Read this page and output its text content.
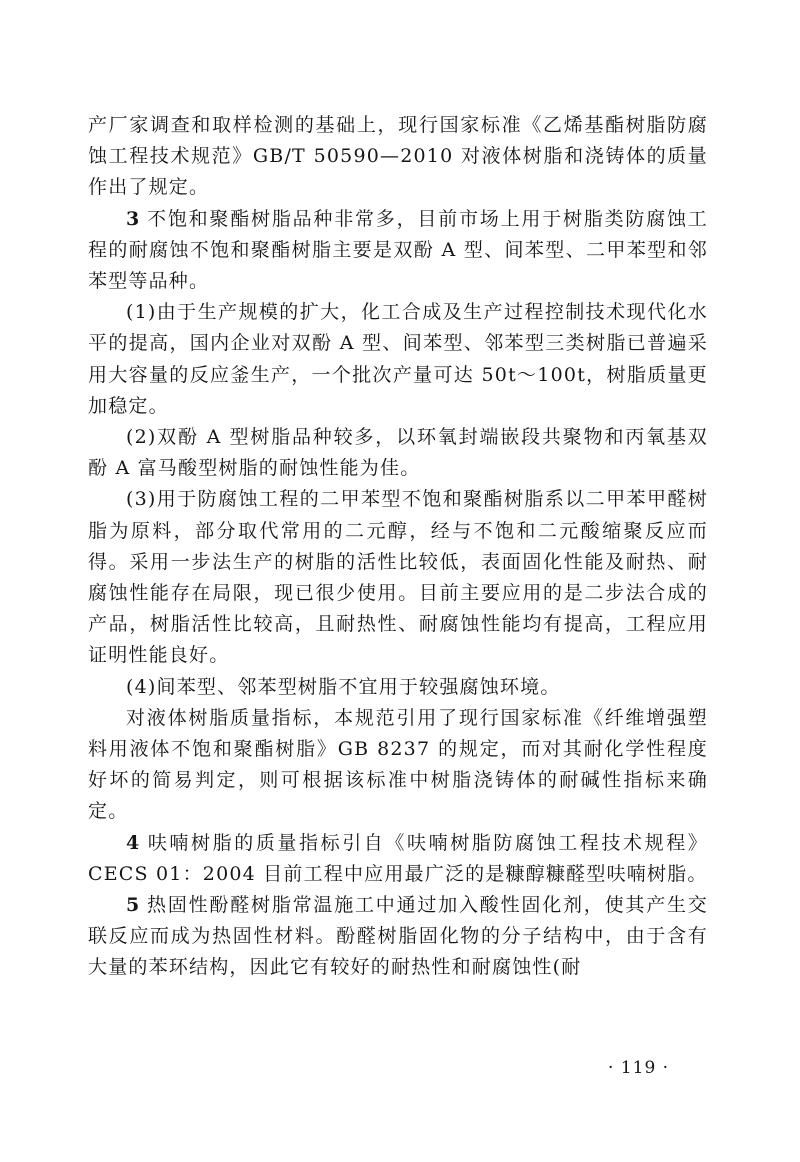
产厂家调查和取样检测的基础上，现行国家标准《乙烯基酯树脂防腐蚀工程技术规范》GB/T 50590—2010 对液体树脂和浇铸体的质量作出了规定。

3 不饱和聚酯树脂品种非常多，目前市场上用于树脂类防腐蚀工程的耐腐蚀不饱和聚酯树脂主要是双酚 A 型、间苯型、二甲苯型和邻苯型等品种。

(1)由于生产规模的扩大，化工合成及生产过程控制技术现代化水平的提高，国内企业对双酚 A 型、间苯型、邻苯型三类树脂已普遍采用大容量的反应釜生产，一个批次产量可达 50t～100t，树脂质量更加稳定。

(2)双酚 A 型树脂品种较多，以环氧封端嵌段共聚物和丙氧基双酚 A 富马酸型树脂的耐蚀性能为佳。

(3)用于防腐蚀工程的二甲苯型不饱和聚酯树脂系以二甲苯甲醛树脂为原料，部分取代常用的二元醇，经与不饱和二元酸缩聚反应而得。采用一步法生产的树脂的活性比较低，表面固化性能及耐热、耐腐蚀性能存在局限，现已很少使用。目前主要应用的是二步法合成的产品，树脂活性比较高，且耐热性、耐腐蚀性能均有提高，工程应用证明性能良好。

(4)间苯型、邻苯型树脂不宜用于较强腐蚀环境。

对液体树脂质量指标，本规范引用了现行国家标准《纤维增强塑料用液体不饱和聚酯树脂》GB 8237 的规定，而对其耐化学性程度好坏的简易判定，则可根据该标准中树脂浇铸体的耐碱性指标来确定。

4 呋喃树脂的质量指标引自《呋喃树脂防腐蚀工程技术规程》CECS 01：2004 目前工程中应用最广泛的是糠醇糠醛型呋喃树脂。

5 热固性酚醛树脂常温施工中通过加入酸性固化剂，使其产生交联反应而成为热固性材料。酚醛树脂固化物的分子结构中，由于含有大量的苯环结构，因此它有较好的耐热性和耐腐蚀性(耐

· 119 ·
